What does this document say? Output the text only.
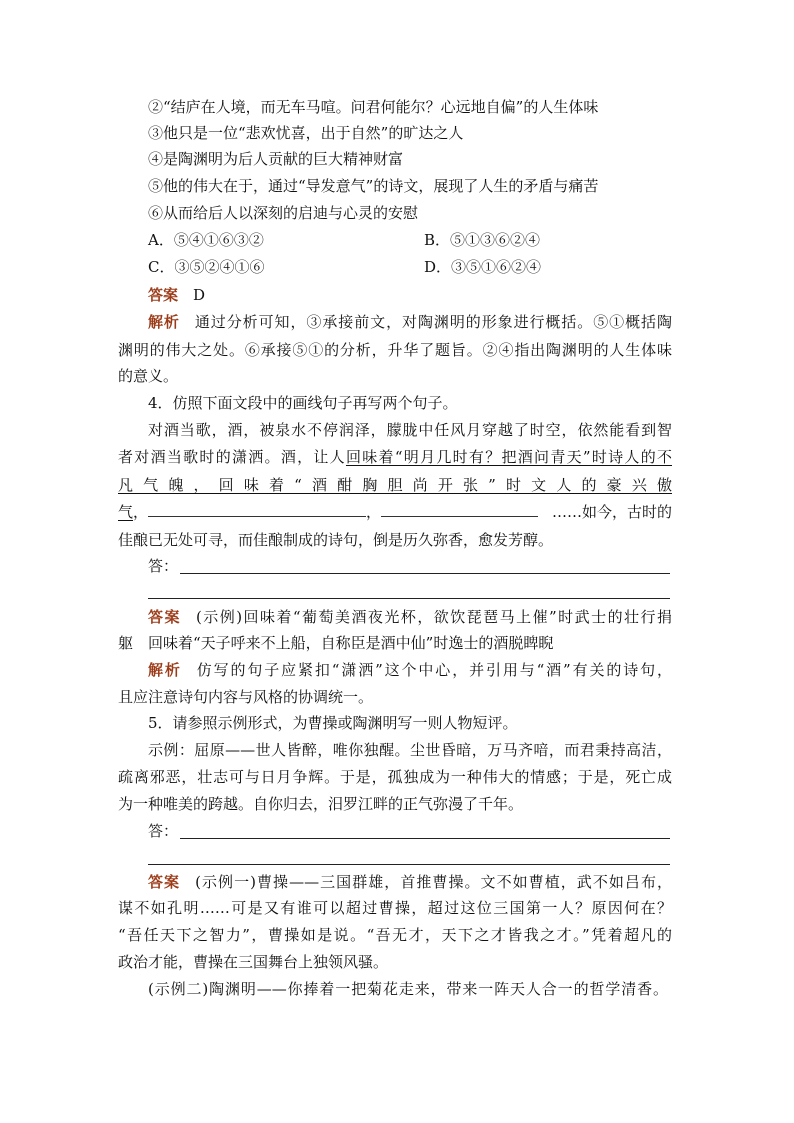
②“结庐在人境，而无车马喧。问君何能尔？心远地自偏”的人生体味
③他只是一位“悲欢忧喜，出于自然”的旷达之人
④是陶渊明为后人贡献的巨大精神财富
⑤他的伟大在于，通过“导发意气”的诗文，展现了人生的矛盾与痛苦
⑥从而给后人以深刻的启迪与心灵的安慰
A．⑤④①⑥③②	B．⑤①③⑥②④
C．③⑤②④①⑥	D．③⑤①⑥②④
答案 D
解析 通过分析可知，③承接前文，对陶渊明的形象进行概括。⑤①概括陶
渊明的伟大之处。⑥承接⑤①的分析，升华了题旨。②④指出陶渊明的人生体味
的意义。
4．仿照下面文段中的画线句子再写两个句子。
对酒当歌，酒，被泉水不停润泽，朦胧中任风月穿越了时空，依然能看到智
者对酒当歌时的潇洒。酒，让人回味着“明月几时有？把酒问青天”时诗人的不
凡气魄，回味着“酒酣胸胆尚开张”时文人的豪兴傲
气 ，	，	……如今，古时的
佳酿已无处可寻，而佳酿制成的诗句，倒是历久弥香，愈发芳醇。
答：
答案 (示例)回味着“葡萄美酒夜光杯，欲饮琵琶马上催”时武士的壮行捐
躯　回味着“天子呼来不上船，自称臣是酒中仙”时逸士的酒脱睥睨
解析 仿写的句子应紧扣“潇洒”这个中心，并引用与“酒”有关的诗句，
且应注意诗句内容与风格的协调统一。
5．请参照示例形式，为曹操或陶渊明写一则人物短评。
示例：屈原——世人皆醉，唯你独醒。尘世昏暗，万马齐喑，而君秉持高洁，
疏离邪恶，壮志可与日月争辉。于是，孤独成为一种伟大的情感；于是，死亡成
为一种唯美的跨越。自你归去，汨罗江畔的正气弥漫了千年。
答：
答案 (示例一)曹操——三国群雄，首推曹操。文不如曹植，武不如吕布，
谋不如孔明……可是又有谁可以超过曹操，超过这位三国第一人？原因何在？
“吾任天下之智力”，曹操如是说。“吾无才，天下之才皆我之才。”凭着超凡的
政治才能，曹操在三国舞台上独领风骚。
(示例二)陶渊明——你捧着一把菊花走来，带来一阵天人合一的哲学清香。
